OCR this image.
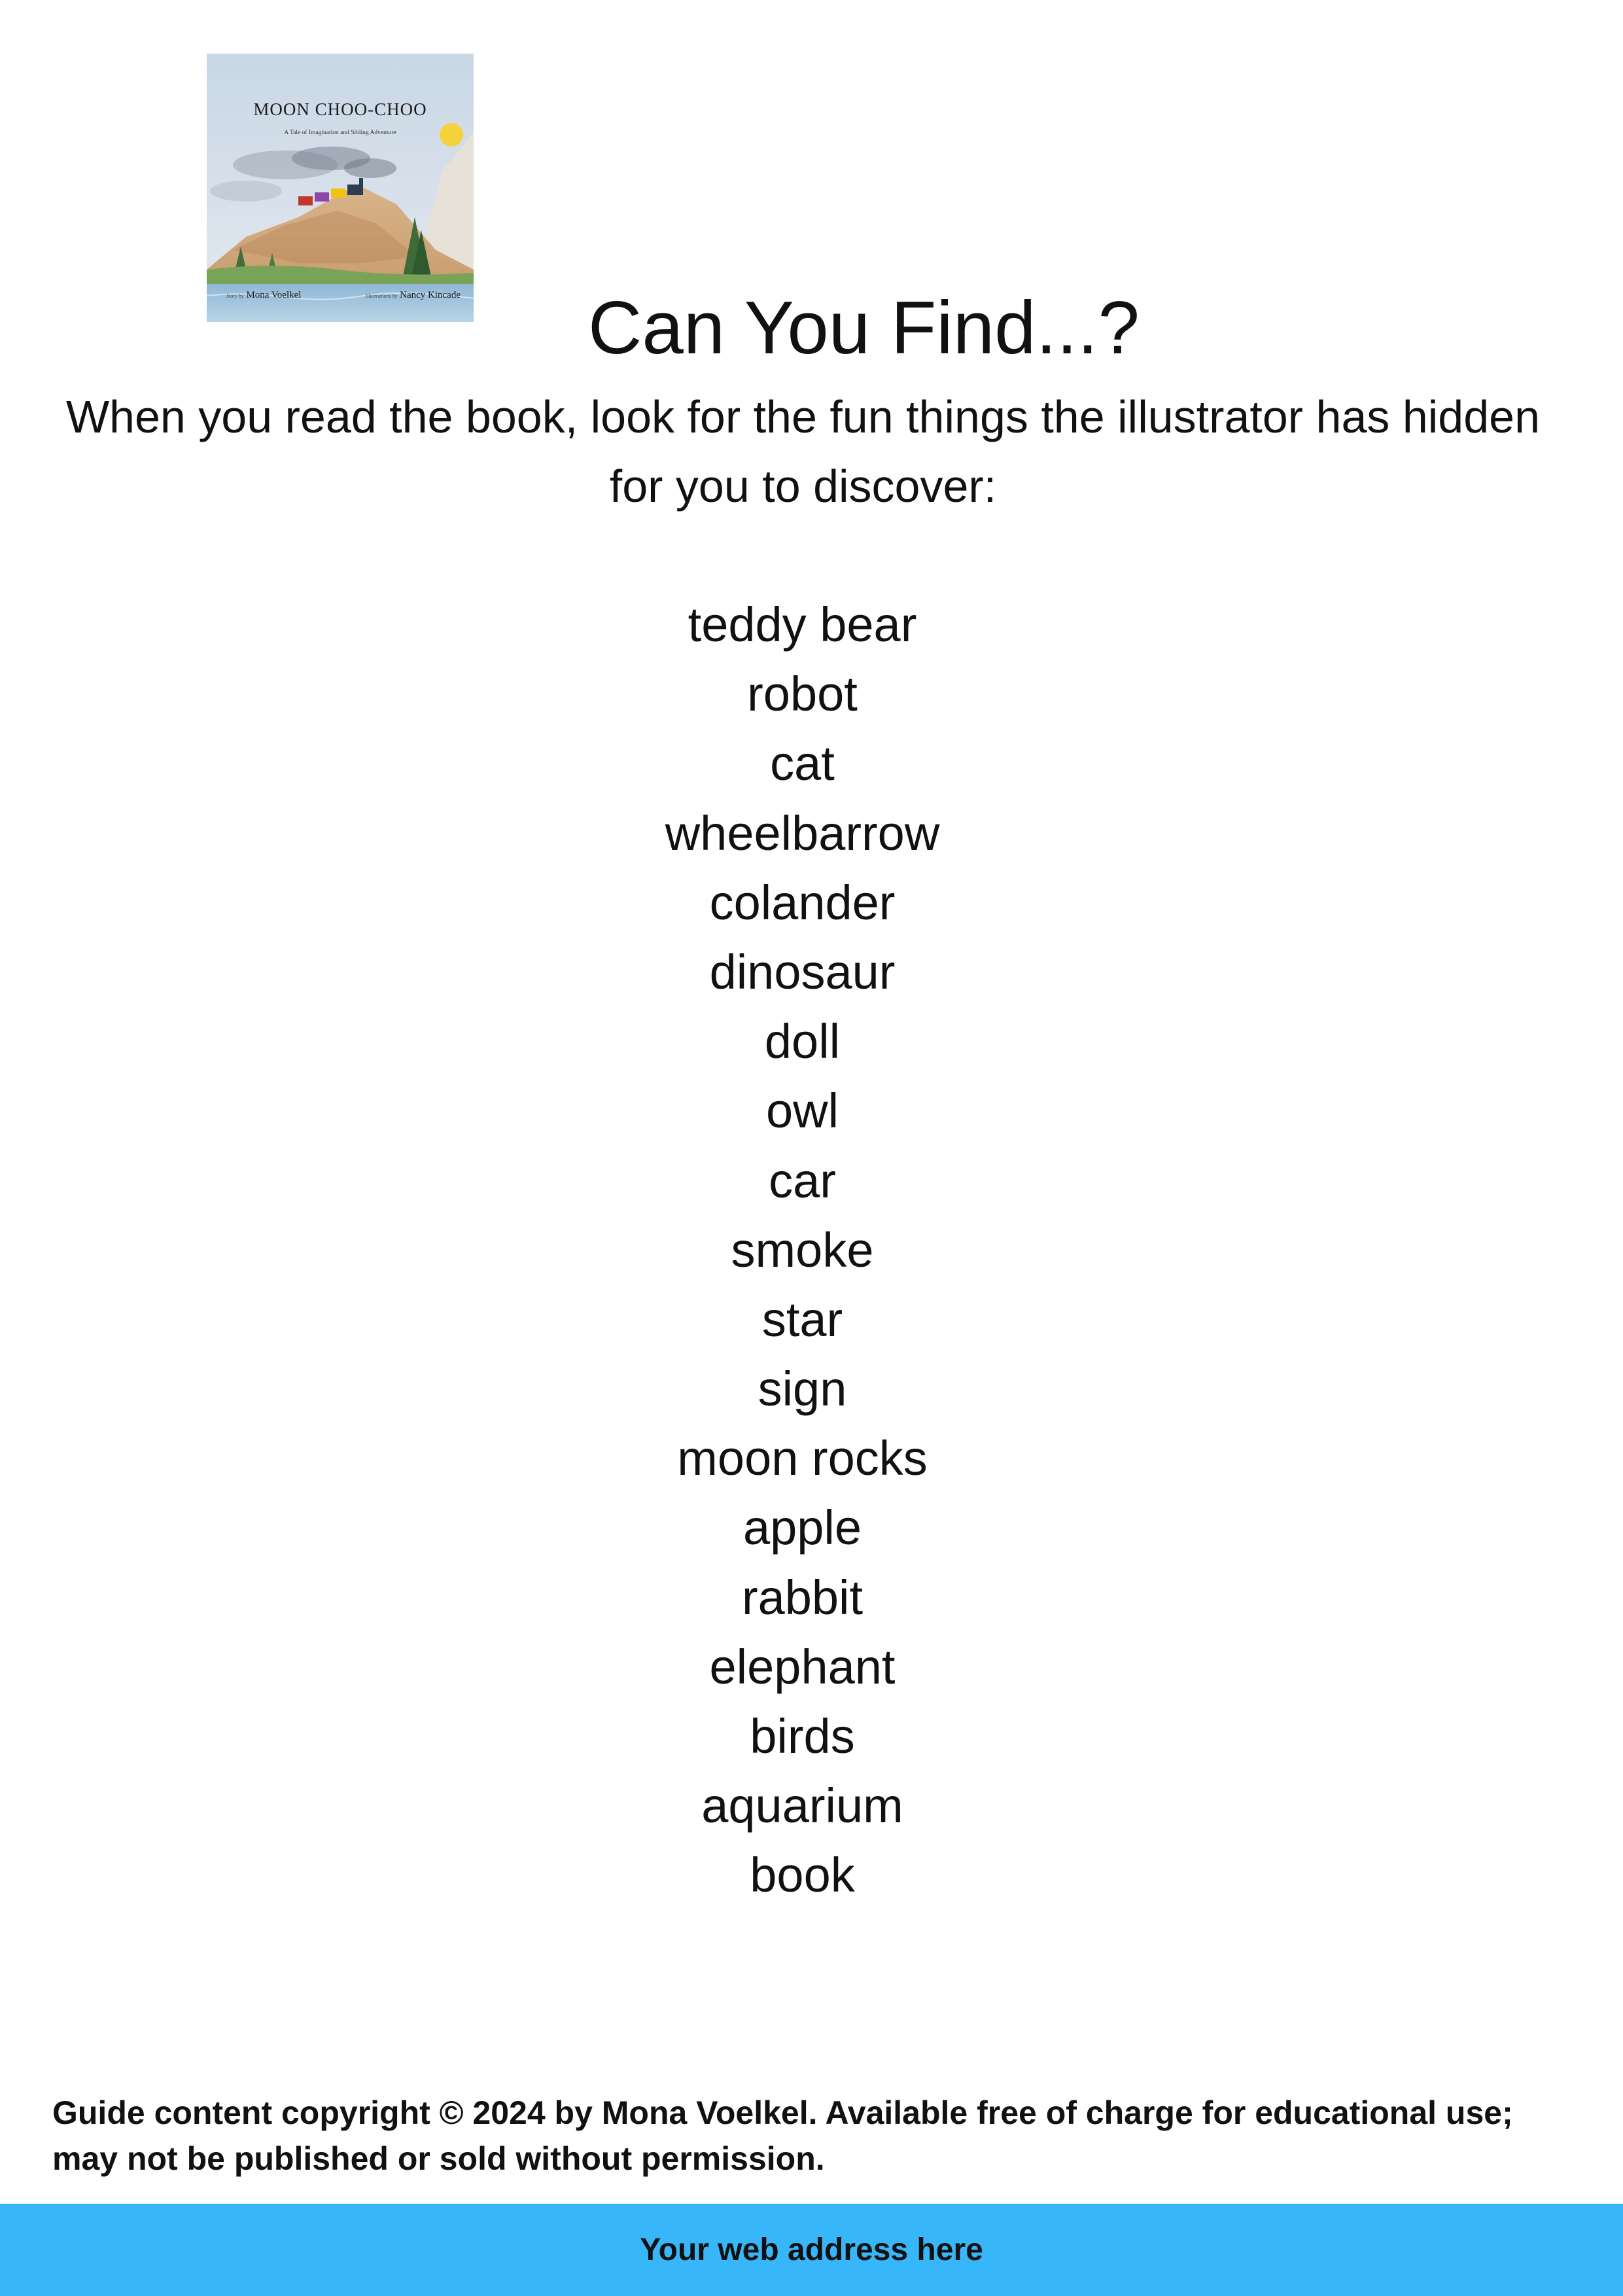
MOON CHOO-CHOO
A Tale of Imagination and Sibling Adventure
Story by Mona Voelkel	Illustrations by Nancy Kincade	Can You Find...?

When you read the book, look for the fun things the illustrator has hidden for you to discover:

teddy bear
robot
cat
wheelbarrow
colander
dinosaur
doll
owl
car
smoke
star
sign
moon rocks
apple
rabbit
elephant
birds
aquarium
book

Guide content copyright © 2024 by Mona Voelkel. Available free of charge for educational use; may not be published or sold without permission.

Your web address here
